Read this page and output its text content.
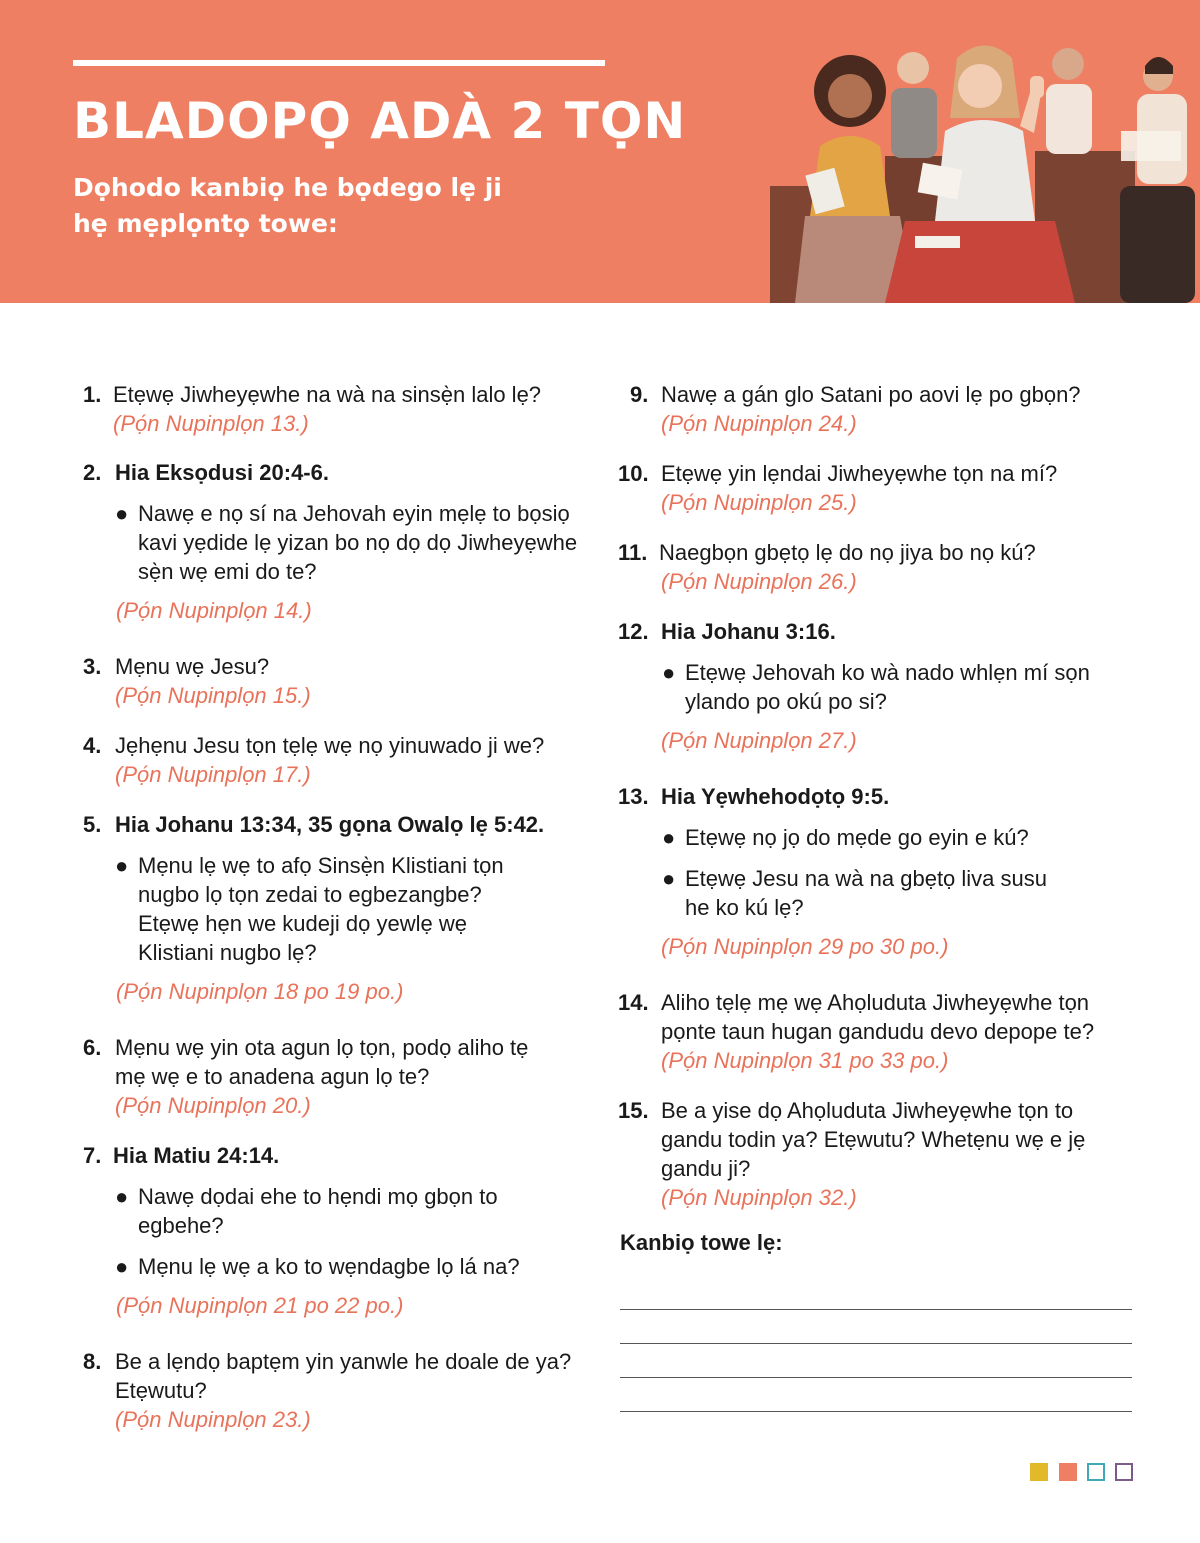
BLADOPỌ ADÀ 2 TỌN
Dọhodo kanbiọ he bọdego lẹ ji hẹ mẹplọntọ towe:
1. Etẹwẹ Jiwheyẹwhe na wà na sinsẹ̀n lalo lẹ?
(Pọ́n Nupinplọn 13.)
2. Hia Eksọdusi 20:4-6.
● Nawẹ e nọ sí na Jehovah eyin mẹlẹ to bọsiọ kavi yẹdide lẹ yizan bo nọ dọ dọ Jiwheyẹwhe sẹ̀n wẹ emi do te?
(Pọ́n Nupinplọn 14.)
3. Mẹnu wẹ Jesu?
(Pọ́n Nupinplọn 15.)
4. Jẹhẹnu Jesu tọn tẹlẹ wẹ nọ yinuwado ji we?
(Pọ́n Nupinplọn 17.)
5. Hia Johanu 13:34, 35 gọna Owalọ lẹ 5:42.
● Mẹnu lẹ wẹ to afọ Sinsẹ̀n Klistiani tọn nugbo lọ tọn zedai to egbezangbe? Etẹwẹ hẹn we kudeji dọ yewlẹ wẹ Klistiani nugbo lẹ?
(Pọ́n Nupinplọn 18 po 19 po.)
6. Mẹnu wẹ yin ota agun lọ tọn, podọ aliho tẹ mẹ wẹ e to anadena agun lọ te?
(Pọ́n Nupinplọn 20.)
7. Hia Matiu 24:14.
● Nawẹ dọdai ehe to hẹndi mọ gbọn to egbehe?
● Mẹnu lẹ wẹ a ko to wẹndagbe lọ lá na?
(Pọ́n Nupinplọn 21 po 22 po.)
8. Be a lẹndọ baptẹm yin yanwle he doale de ya? Etẹwutu?
(Pọ́n Nupinplọn 23.)
9. Nawẹ a gán glo Satani po aovi lẹ po gbọn?
(Pọ́n Nupinplọn 24.)
10. Etẹwẹ yin lẹndai Jiwheyẹwhe tọn na mí?
(Pọ́n Nupinplọn 25.)
11. Naegbọn gbẹtọ lẹ do nọ jiya bo nọ kú?
(Pọ́n Nupinplọn 26.)
12. Hia Johanu 3:16.
● Etẹwẹ Jehovah ko wà nado whlẹn mí sọn ylando po okú po si?
(Pọ́n Nupinplọn 27.)
13. Hia Yẹwhehodọtọ 9:5.
● Etẹwẹ nọ jọ do mẹde go eyin e kú?
● Etẹwẹ Jesu na wà na gbẹtọ liva susu he ko kú lẹ?
(Pọ́n Nupinplọn 29 po 30 po.)
14. Aliho tẹlẹ mẹ wẹ Ahọluduta Jiwheyẹwhe tọn pọnte taun hugan gandudu devo depope te?
(Pọ́n Nupinplọn 31 po 33 po.)
15. Be a yise dọ Ahọluduta Jiwheyẹwhe tọn to gandu todin ya? Etẹwutu? Whetẹnu wẹ e jẹ gandu ji?
(Pọ́n Nupinplọn 32.)
Kanbiọ towe lẹ:
